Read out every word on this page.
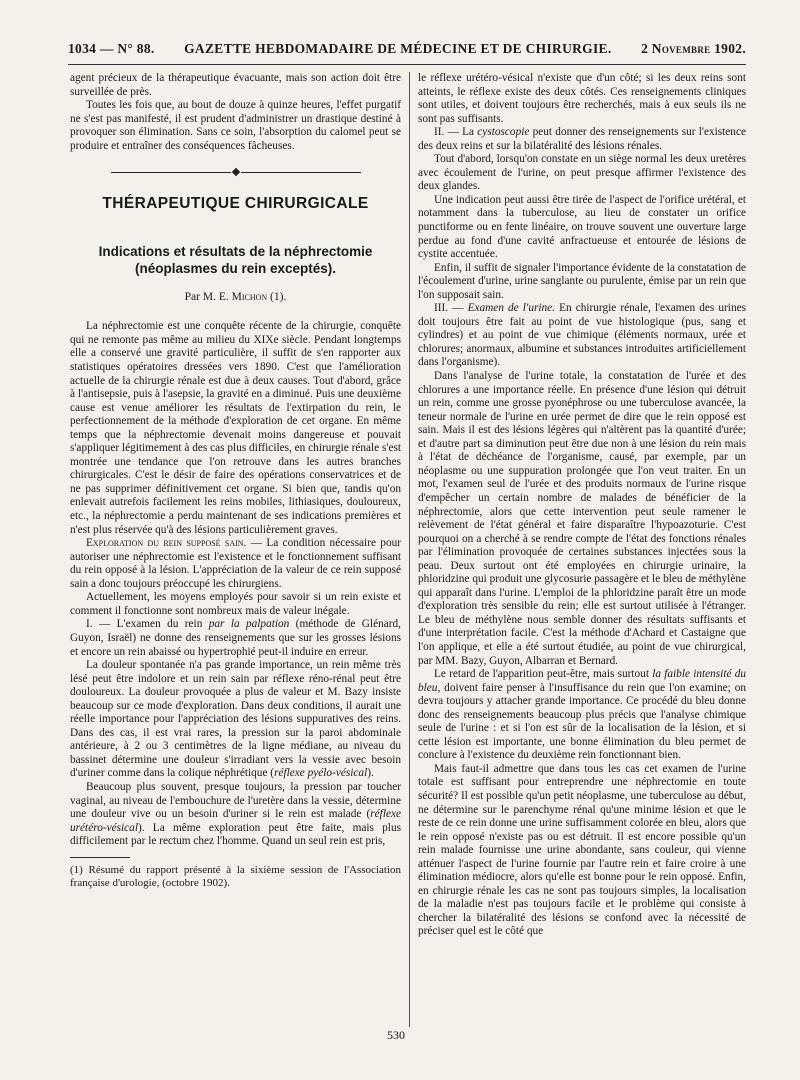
1034 — N° 88. GAZETTE HEBDOMADAIRE DE MÉDECINE ET DE CHIRURGIE. 2 Novembre 1902.

agent précieux de la thérapeutique évacuante, mais son action doit être surveillée de près.

Toutes les fois que, au bout de douze à quinze heures, l'effet purgatif ne s'est pas manifesté, il est prudent d'administrer un drastique destiné à provoquer son élimination. Sans ce soin, l'absorption du calomel peut se produire et entraîner des conséquences fâcheuses.

THÉRAPEUTIQUE CHIRURGICALE
Indications et résultats de la néphrectomie
(néoplasmes du rein exceptés).
Par M. E. Michon (1).

La néphrectomie est une conquête récente de la chirurgie, conquête qui ne remonte pas même au milieu du XIXe siècle. Pendant longtemps elle a conservé une gravité particulière, il suffit de s'en rapporter aux statistiques opératoires dressées vers 1890. C'est que l'amélioration actuelle de la chirurgie rénale est due à deux causes. Tout d'abord, grâce à l'antisepsie, puis à l'asepsie, la gravité en a diminué. Puis une deuxième cause est venue améliorer les résultats de l'extirpation du rein, le perfectionnement de la méthode d'exploration de cet organe. En même temps que la néphrectomie devenait moins dangereuse et pouvait s'appliquer légitimement à des cas plus difficiles, en chirurgie rénale s'est montrée une tendance que l'on retrouve dans les autres branches chirurgicales. C'est le désir de faire des opérations conservatrices et de ne pas supprimer définitivement cet organe. Si bien que, tandis qu'on enlevait autrefois facilement les reins mobiles, lithiasiques, douloureux, etc., la néphrectomie a perdu maintenant de ses indications premières et n'est plus réservée qu'à des lésions particulièrement graves.

Exploration du rein supposé sain. — La condition nécessaire pour autoriser une néphrectomie est l'existence et le fonctionnement suffisant du rein opposé à la lésion. L'appréciation de la valeur de ce rein supposé sain a donc toujours préoccupé les chirurgiens.

Actuellement, les moyens employés pour savoir si un rein existe et comment il fonctionne sont nombreux mais de valeur inégale.

I. — L'examen du rein par la palpation (méthode de Glénard, Guyon, Israël) ne donne des renseignements que sur les grosses lésions et encore un rein abaissé ou hypertrophié peut-il induire en erreur.

La douleur spontanée n'a pas grande importance, un rein même très lésé peut être indolore et un rein sain par réflexe réno-rénal peut être douloureux. La douleur provoquée a plus de valeur et M. Bazy insiste beaucoup sur ce mode d'exploration. Dans deux conditions, il aurait une réelle importance pour l'appréciation des lésions suppuratives des reins. Dans des cas, il est vrai rares, la pression sur la paroi abdominale antérieure, à 2 ou 3 centimètres de la ligne médiane, au niveau du bassinet détermine une douleur s'irradiant vers la vessie avec besoin d'uriner comme dans la colique néphrétique (réflexe pyélo-vésical).

Beaucoup plus souvent, presque toujours, la pression par toucher vaginal, au niveau de l'embouchure de l'uretère dans la vessie, détermine une douleur vive ou un besoin d'uriner si le rein est malade (réflexe urétéro-vésical). La même exploration peut être faite, mais plus difficilement par le rectum chez l'homme. Quand un seul rein est pris,

(1) Résumé du rapport présenté à la sixième session de l'Association française d'urologie, (octobre 1902).

le réflexe urétéro-vésical n'existe que d'un côté; si les deux reins sont atteints, le réflexe existe des deux côtés. Ces renseignements cliniques sont utiles, et doivent toujours être recherchés, mais à eux seuls ils ne sont pas suffisants.

II. — La cystoscopie peut donner des renseignements sur l'existence des deux reins et sur la bilatéralité des lésions rénales.

Tout d'abord, lorsqu'on constate en un siège normal les deux uretères avec écoulement de l'urine, on peut presque affirmer l'existence des deux glandes.

Une indication peut aussi être tirée de l'aspect de l'orifice urétéral, et notamment dans la tuberculose, au lieu de constater un orifice punctiforme ou en fente linéaire, on trouve souvent une ouverture large perdue au fond d'une cavité anfractueuse et entourée de lésions de cystite accentuée.

Enfin, il suffit de signaler l'importance évidente de la constatation de l'écoulement d'urine, urine sanglante ou purulente, émise par un rein que l'on supposait sain.

III. — Examen de l'urine. En chirurgie rénale, l'examen des urines doit toujours être fait au point de vue histologique (pus, sang et cylindres) et au point de vue chimique (éléments normaux, urée et chlorures; anormaux, albumine et substances introduites artificiellement dans l'organisme).

Dans l'analyse de l'urine totale, la constatation de l'urée et des chlorures a une importance réelle. En présence d'une lésion qui détruit un rein, comme une grosse pyonéphrose ou une tuberculose avancée, la teneur normale de l'urine en urée permet de dire que le rein opposé est sain. Mais il est des lésions légères qui n'altèrent pas la quantité d'urée; et d'autre part sa diminution peut être due non à une lésion du rein mais à l'état de déchéance de l'organisme, causé, par exemple, par un néoplasme ou une suppuration prolongée que l'on veut traiter. En un mot, l'examen seul de l'urée et des produits normaux de l'urine risque d'empêcher un certain nombre de malades de bénéficier de la néphrectomie, alors que cette intervention peut seule ramener le relèvement de l'état général et faire disparaître l'hypoazoturie. C'est pourquoi on a cherché à se rendre compte de l'état des fonctions rénales par l'élimination provoquée de certaines substances injectées sous la peau. Deux surtout ont été employées en chirurgie urinaire, la phloridzine qui produit une glycosurie passagère et le bleu de méthylène qui apparaît dans l'urine. L'emploi de la phloridzine paraît être un mode d'exploration très sensible du rein; elle est surtout utilisée à l'étranger. Le bleu de méthylène nous semble donner des résultats suffisants et d'une interprétation facile. C'est la méthode d'Achard et Castaigne que l'on applique, et elle a été surtout étudiée, au point de vue chirurgical, par MM. Bazy, Guyon, Albarran et Bernard.

Le retard de l'apparition peut-être, mais surtout la faible intensité du bleu, doivent faire penser à l'insuffisance du rein que l'on examine; on devra toujours y attacher grande importance. Ce procédé du bleu donne donc des renseignements beaucoup plus précis que l'analyse chimique seule de l'urine : et si l'on est sûr de la localisation de la lésion, et si cette lésion est importante, une bonne élimination du bleu permet de conclure à l'existence du deuxième rein fonctionnant bien.

Mais faut-il admettre que dans tous les cas cet examen de l'urine totale est suffisant pour entreprendre une néphrectomie en toute sécurité? Il est possible qu'un petit néoplasme, une tuberculose au début, ne détermine sur le parenchyme rénal qu'une minime lésion et que le reste de ce rein donne une urine suffisamment colorée en bleu, alors que le rein opposé n'existe pas ou est détruit. Il est encore possible qu'un rein malade fournisse une urine abondante, sans couleur, qui vienne atténuer l'aspect de l'urine fournie par l'autre rein et faire croire à une élimination médiocre, alors qu'elle est bonne pour le rein opposé. Enfin, en chirurgie rénale les cas ne sont pas toujours simples, la localisation de la maladie n'est pas toujours facile et le problème qui consiste à chercher la bilatéralité des lésions se confond avec la nécessité de préciser quel est le côté que

530
